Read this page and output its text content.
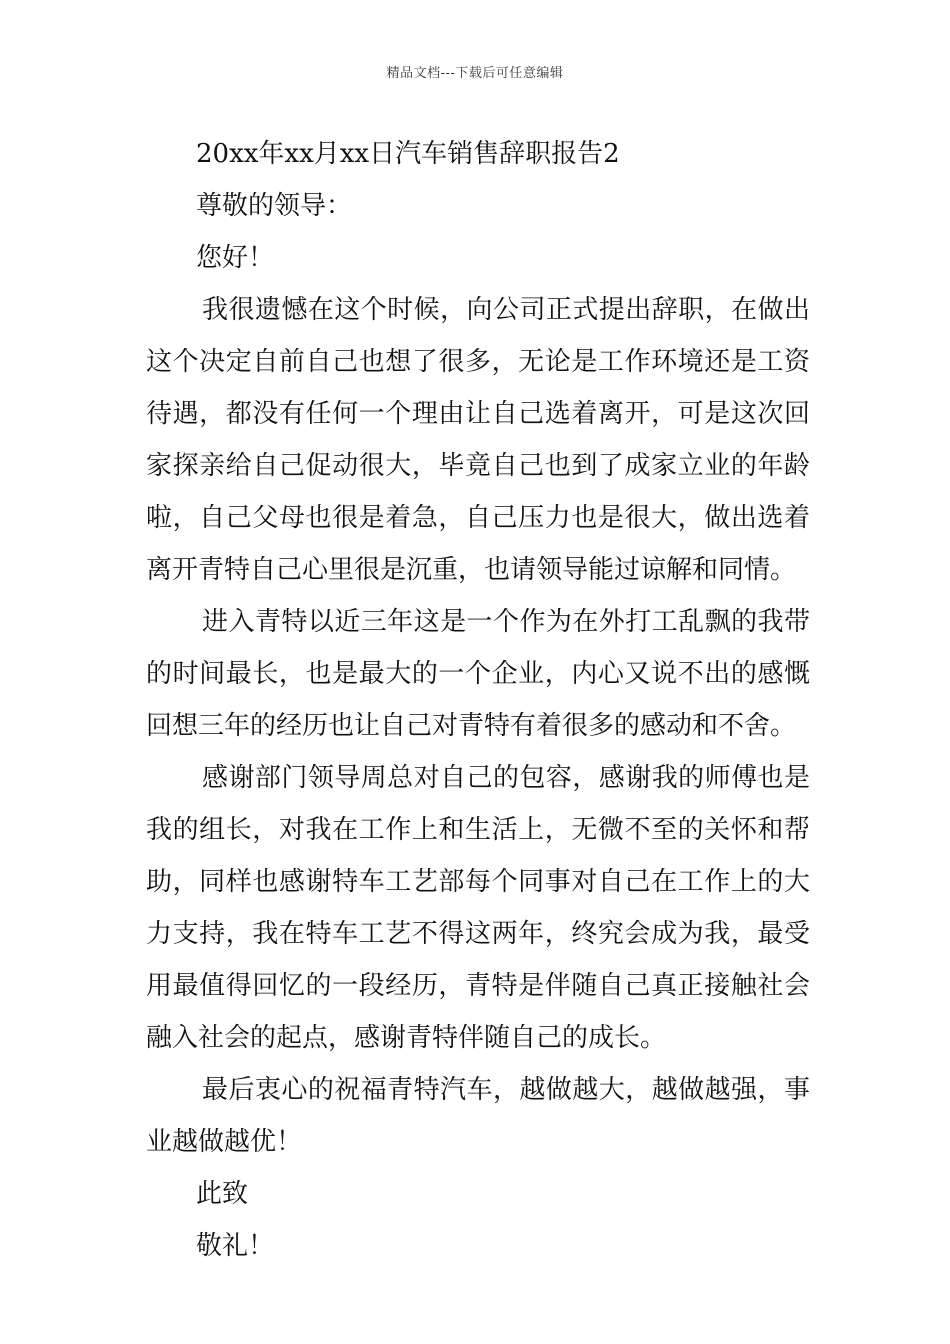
精品文档---下载后可任意编辑

20xx年xx月xx日汽车销售辞职报告2

尊敬的领导：

您好！

我很遗憾在这个时候，向公司正式提出辞职，在做出这个决定自前自己也想了很多，无论是工作环境还是工资待遇，都没有任何一个理由让自己选着离开，可是这次回家探亲给自己促动很大，毕竟自己也到了成家立业的年龄啦，自己父母也很是着急，自己压力也是很大，做出选着离开青特自己心里很是沉重，也请领导能过谅解和同情。

进入青特以近三年这是一个作为在外打工乱飘的我带的时间最长，也是最大的一个企业，内心又说不出的感慨回想三年的经历也让自己对青特有着很多的感动和不舍。

感谢部门领导周总对自己的包容，感谢我的师傅也是我的组长，对我在工作上和生活上，无微不至的关怀和帮助，同样也感谢特车工艺部每个同事对自己在工作上的大力支持，我在特车工艺不得这两年，终究会成为我，最受用最值得回忆的一段经历，青特是伴随自己真正接触社会融入社会的起点，感谢青特伴随自己的成长。

最后衷心的祝福青特汽车，越做越大，越做越强，事业越做越优！

此致

敬礼！
